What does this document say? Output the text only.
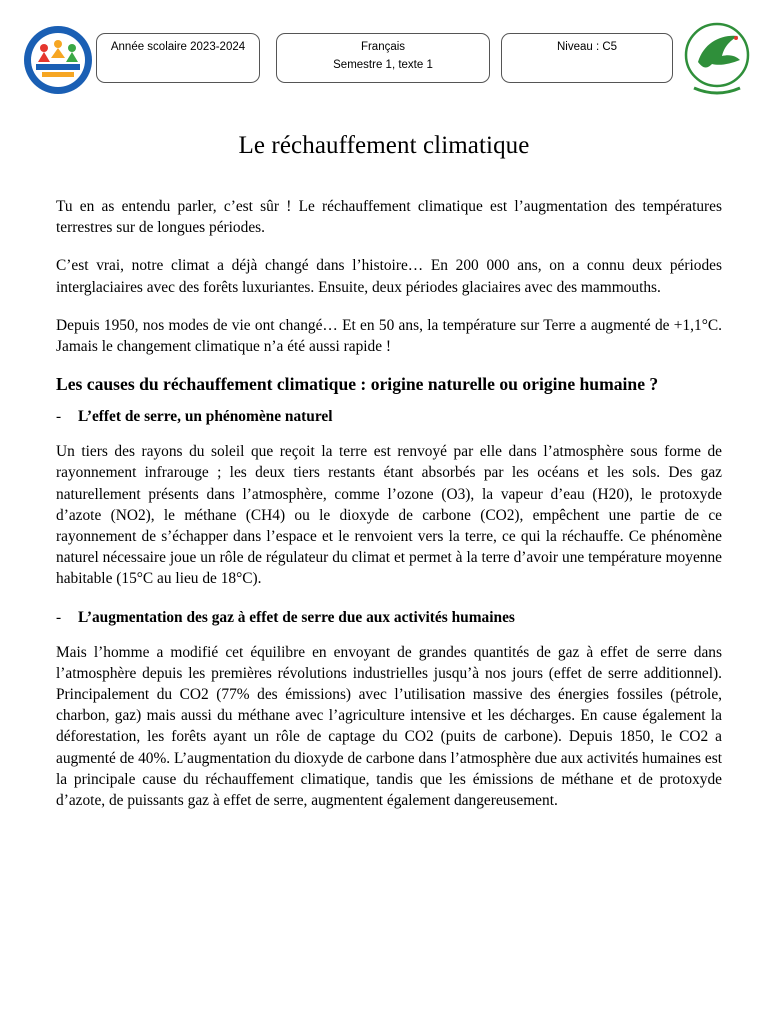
Année scolaire 2023-2024	Français
Semestre 1, texte 1
Niveau : C5
Le réchauffement climatique

Tu en as entendu parler, c’est sûr ! Le réchauffement climatique est l’augmentation des températures terrestres sur de longues périodes.

C’est vrai, notre climat a déjà changé dans l’histoire… En 200 000 ans, on a connu deux périodes interglaciaires avec des forêts luxuriantes. Ensuite, deux périodes glaciaires avec des mammouths.

Depuis 1950, nos modes de vie ont changé… Et en 50 ans, la température sur Terre a augmenté de +1,1°C. Jamais le changement climatique n’a été aussi rapide !

Les causes du réchauffement climatique : origine naturelle ou origine humaine ?
-	L’effet de serre, un phénomène naturel

Un tiers des rayons du soleil que reçoit la terre est renvoyé par elle dans l’atmosphère sous forme de rayonnement infrarouge ; les deux tiers restants étant absorbés par les océans et les sols. Des gaz naturellement présents dans l’atmosphère, comme l’ozone (O3), la vapeur d’eau (H20), le protoxyde d’azote (NO2), le méthane (CH4) ou le dioxyde de carbone (CO2), empêchent une partie de ce rayonnement de s’échapper dans l’espace et le renvoient vers la terre, ce qui la réchauffe. Ce phénomène naturel nécessaire joue un rôle de régulateur du climat et permet à la terre d’avoir une température moyenne habitable (15°C au lieu de 18°C).

-	L’augmentation des gaz à effet de serre due aux activités humaines

Mais l’homme a modifié cet équilibre en envoyant de grandes quantités de gaz à effet de serre dans l’atmosphère depuis les premières révolutions industrielles jusqu’à nos jours (effet de serre additionnel). Principalement du CO2 (77% des émissions) avec l’utilisation massive des énergies fossiles (pétrole, charbon, gaz) mais aussi du méthane avec l’agriculture intensive et les décharges. En cause également la déforestation, les forêts ayant un rôle de captage du CO2 (puits de carbone). Depuis 1850, le CO2 a augmenté de 40%. L’augmentation du dioxyde de carbone dans l’atmosphère due aux activités humaines est la principale cause du réchauffement climatique, tandis que les émissions de méthane et de protoxyde d’azote, de puissants gaz à effet de serre, augmentent également dangereusement.
